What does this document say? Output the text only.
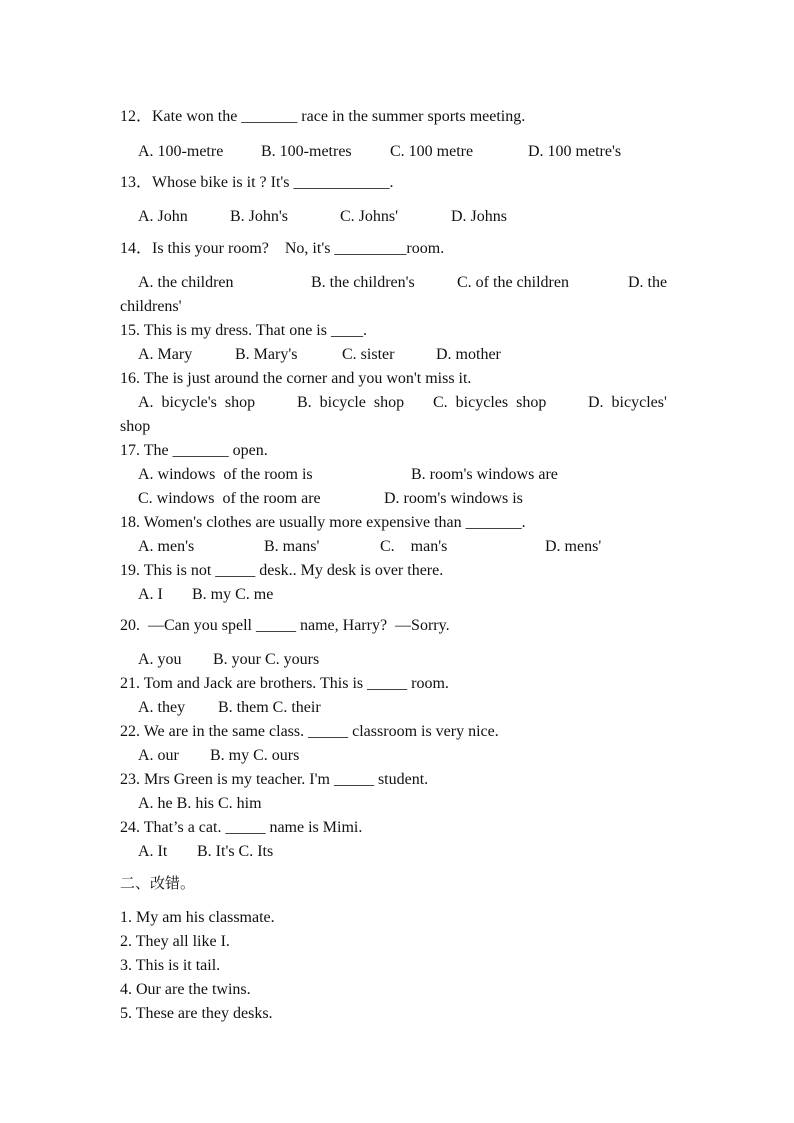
12．Kate won the _______ race in the summer sports meeting.
A. 100-metre B. 100-metres C. 100 metre	D. 100 metre's
13．Whose bike is it ? It's ____________.
A. John	B. John's	C. Johns'	D. Johns
14．Is this your room?    No, it's _________room.
A. the children	B. the children's	C. of the children	D. the
childrens'
15. This is my dress. That one is ____.
A. Mary	B. Mary's	C. sister	D. mother
16. The is just around the corner and you won't miss it.
A.  bicycle's  shop	B.  bicycle  shop C.  bicycles  shop	D.  bicycles'
shop
17. The _______ open.
A. windows  of the room is	B. room's windows are
C. windows  of the room are	D. room's windows is
18. Women's clothes are usually more expensive than _______.
A. men's	B. mans'	C.    man's	D. mens'
19. This is not _____ desk.. My desk is over there.
A. I B. my C. me
20.  —Can you spell _____ name, Harry?  —Sorry.
A. you B. your C. yours
21. Tom and Jack are brothers. This is _____ room.
A. they B. them C. their
22. We are in the same class. _____ classroom is very nice.
A. our B. my C. ours
23. Mrs Green is my teacher. I'm _____ student.
A. he B. his C. him
24. That’s a cat. _____ name is Mimi.
A. It B. It's C. Its
二、改错。
1. My am his classmate.
2. They all like I.
3. This is it tail.
4. Our are the twins.
5. These are they desks.
